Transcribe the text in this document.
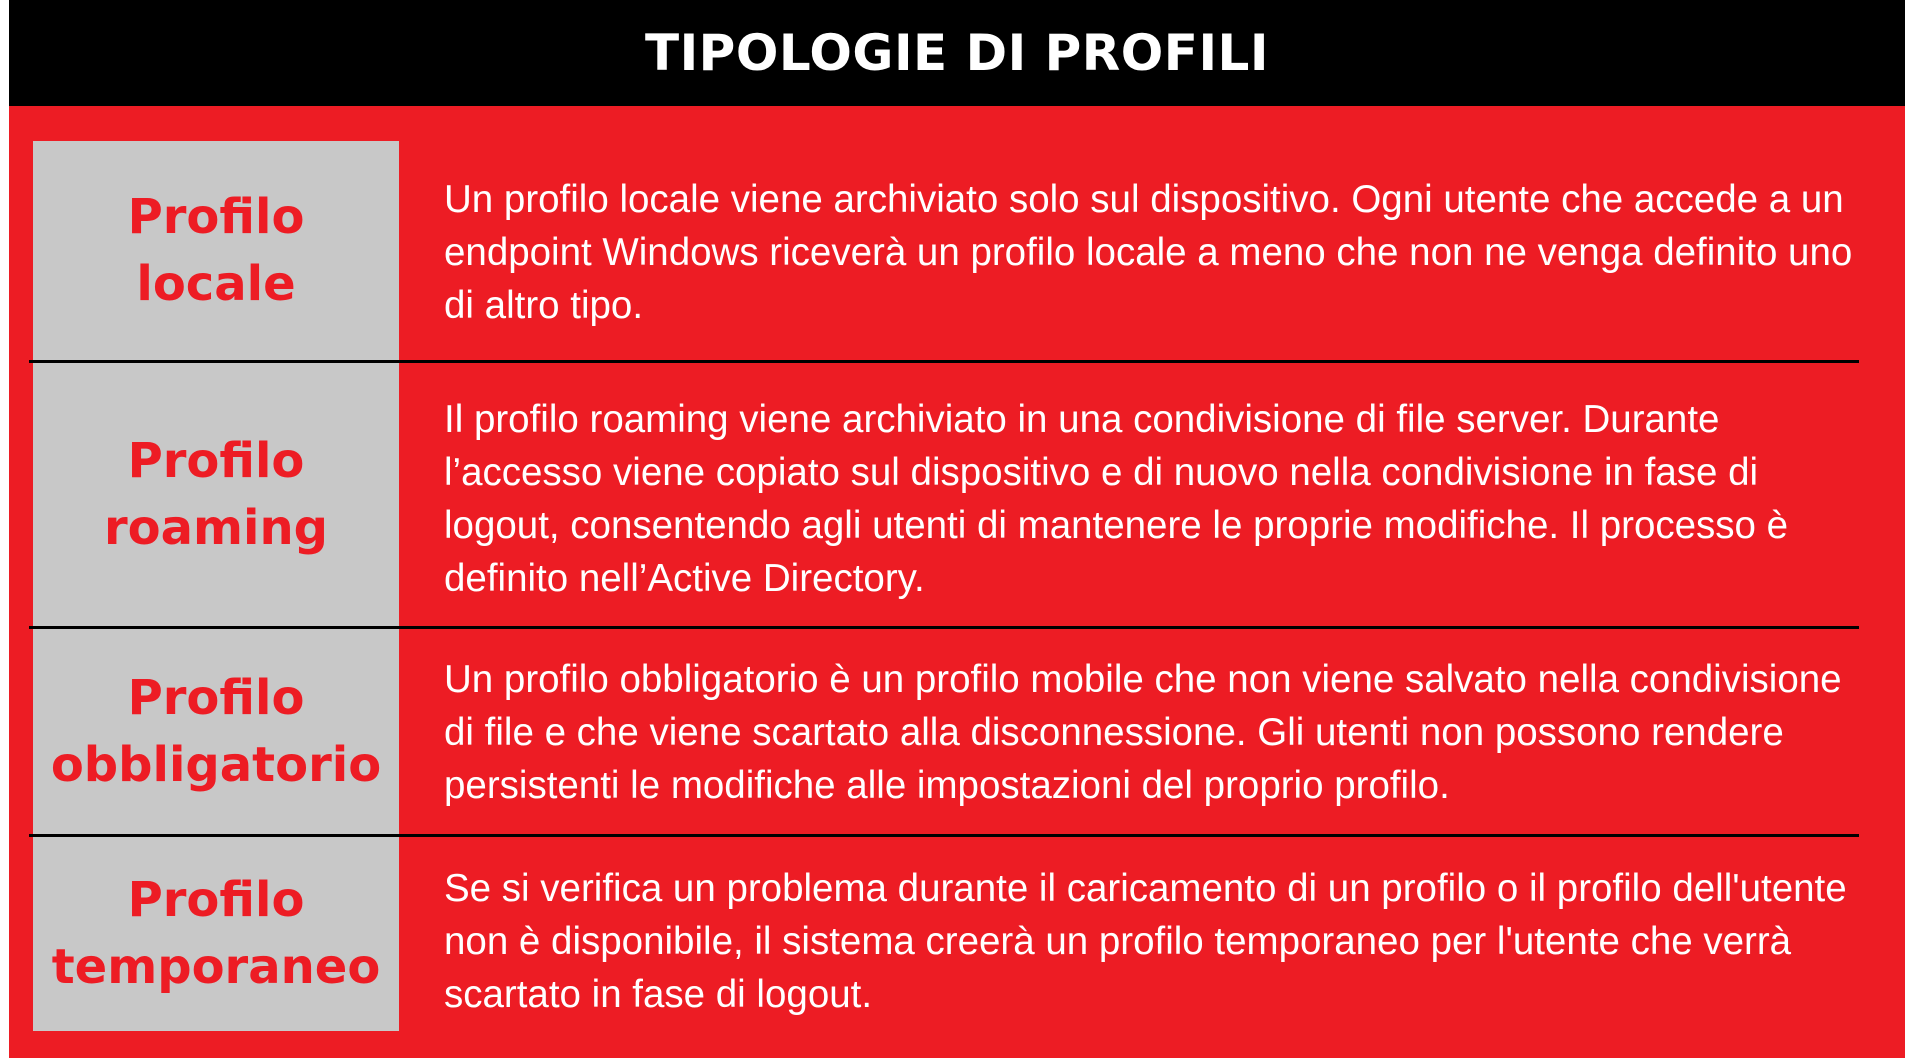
TIPOLOGIE DI PROFILI
Profilo
locale
Un profilo locale viene archiviato solo sul dispositivo. Ogni utente che accede a un endpoint Windows riceverà un profilo locale a meno che non ne venga definito uno di altro tipo.
Profilo
roaming
Il profilo roaming viene archiviato in una condivisione di file server. Durante l’accesso viene copiato sul dispositivo e di nuovo nella condivisione in fase di logout, consentendo agli utenti di mantenere le proprie modifiche. Il processo è definito nell’Active Directory.
Profilo
obbligatorio
Un profilo obbligatorio è un profilo mobile che non viene salvato nella condivisione di file e che viene scartato alla disconnessione. Gli utenti non possono rendere persistenti le modifiche alle impostazioni del proprio profilo.
Profilo
temporaneo
Se si verifica un problema durante il caricamento di un profilo o il profilo dell'utente non è disponibile, il sistema creerà un profilo temporaneo per l'utente che verrà scartato in fase di logout.
